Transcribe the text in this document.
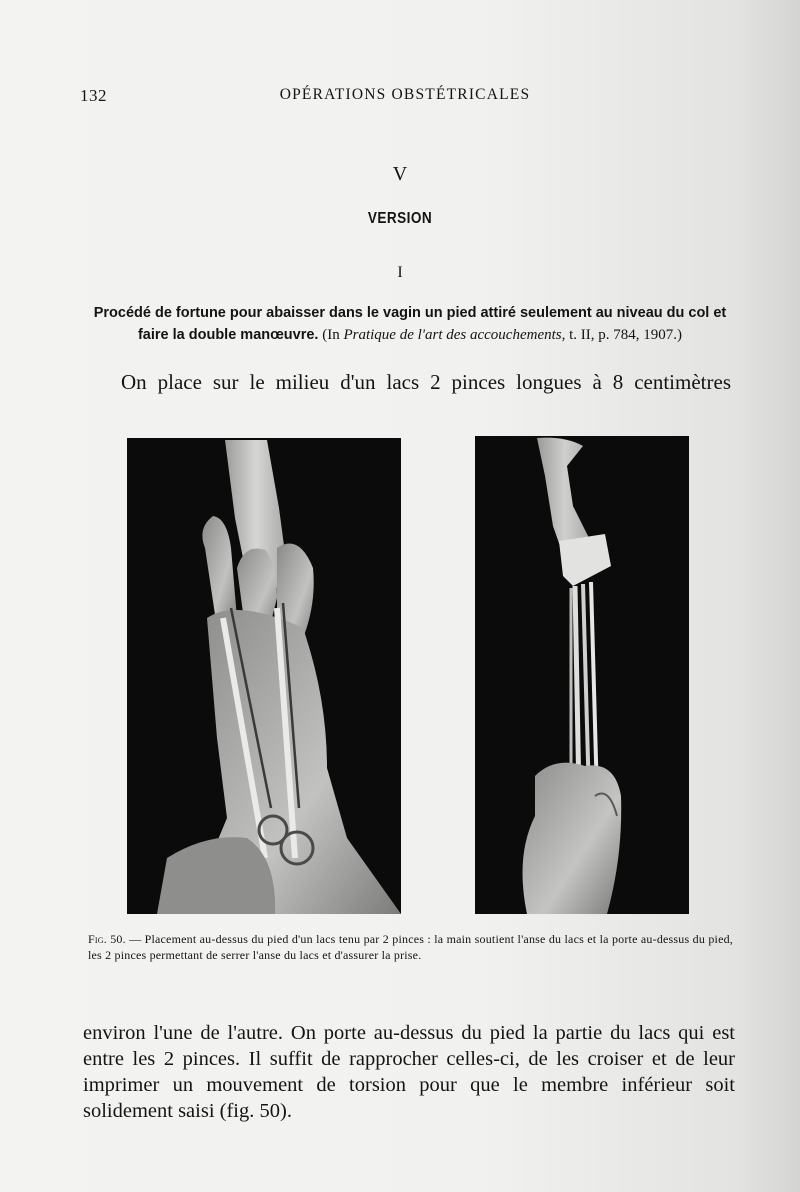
132	OPÉRATIONS OBSTÉTRICALES
V
VERSION
I
Procédé de fortune pour abaisser dans le vagin un pied attiré seulement au niveau du col et faire la double manœuvre. (In Pratique de l'art des accouchements, t. II, p. 784, 1907.)
On place sur le milieu d'un lacs 2 pinces longues à 8 centimètres
Fig. 50. — Placement au-dessus du pied d'un lacs tenu par 2 pinces : la main soutient l'anse du lacs et la porte au-dessus du pied, les 2 pinces permettant de serrer l'anse du lacs et d'assurer la prise.
environ l'une de l'autre. On porte au-dessus du pied la partie du lacs qui est entre les 2 pinces. Il suffit de rapprocher celles-ci, de les croiser et de leur imprimer un mouvement de torsion pour que le membre inférieur soit solidement saisi (fig. 50).
